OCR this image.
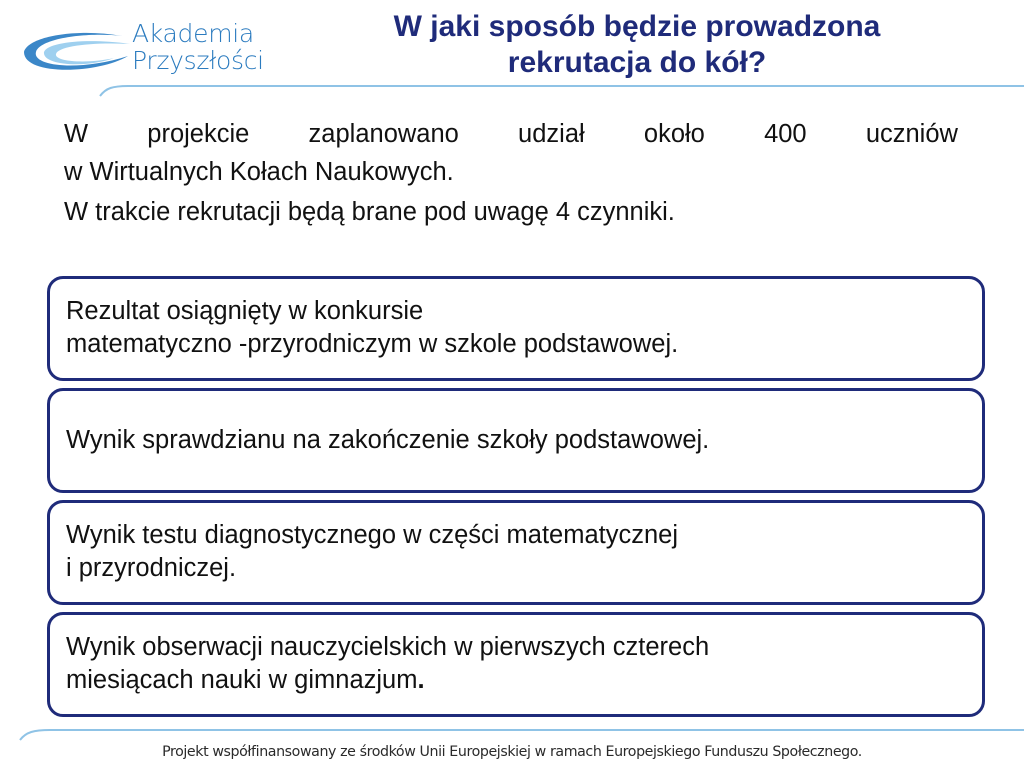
Akademia
Przyszłości
W jaki sposób będzie prowadzona
rekrutacja do kół?
W projekcie zaplanowano udział około 400 uczniów
w Wirtualnych Kołach Naukowych.
W trakcie rekrutacji będą brane pod uwagę 4 czynniki.
Rezultat osiągnięty w konkursie
matematyczno -przyrodniczym w szkole podstawowej.
Wynik sprawdzianu na zakończenie szkoły podstawowej.
Wynik testu diagnostycznego w części matematycznej
i przyrodniczej.
Wynik obserwacji nauczycielskich w pierwszych czterech
miesiącach nauki w gimnazjum.
Projekt współfinansowany ze środków Unii Europejskiej w ramach Europejskiego Funduszu Społecznego.
